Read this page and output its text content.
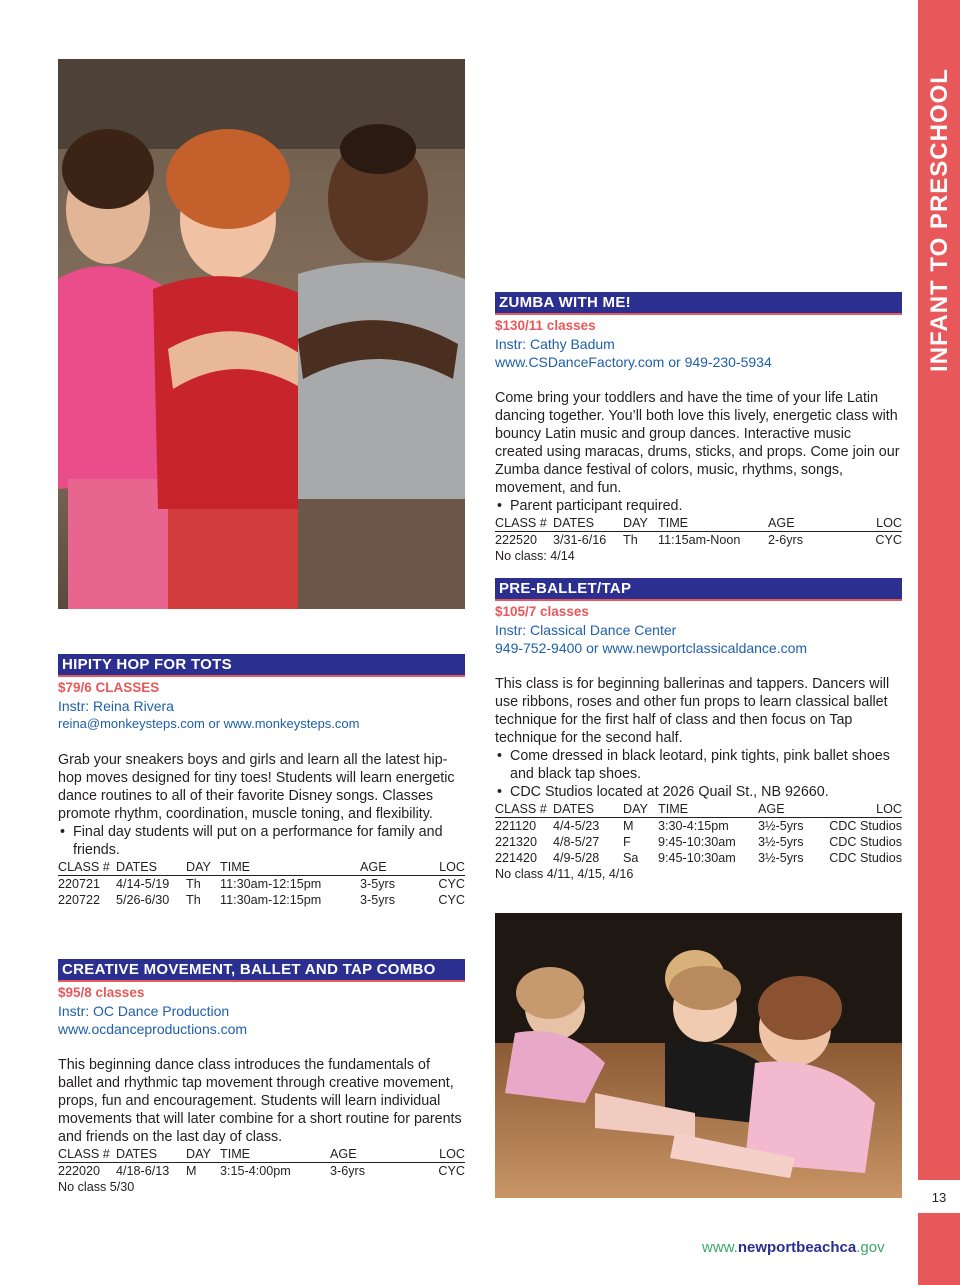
HIPITY HOP FOR TOTS
$79/6 CLASSES
Instr: Reina Rivera
reina@monkeysteps.com or www.monkeysteps.com
Grab your sneakers boys and girls and learn all the latest hip-hop moves designed for tiny toes! Students will learn energetic dance routines to all of their favorite Disney songs. Classes promote rhythm, coordination, muscle toning, and flexibility.
• Final day students will put on a performance for family and friends.
CLASS #	DATES	DAY	TIME	AGE	LOC
220721	4/14-5/19	Th	11:30am-12:15pm	3-5yrs	CYC
220722	5/26-6/30	Th	11:30am-12:15pm	3-5yrs	CYC
CREATIVE MOVEMENT, BALLET AND TAP COMBO
$95/8 classes
Instr: OC Dance Production
www.ocdanceproductions.com
This beginning dance class introduces the fundamentals of ballet and rhythmic tap movement through creative movement, props, fun and encouragement. Students will learn individual movements that will later combine for a short routine for parents and friends on the last day of class.
CLASS #	DATES	DAY	TIME	AGE	LOC
222020	4/18-6/13	M	3:15-4:00pm	3-6yrs	CYC
No class 5/30
ZUMBA WITH ME!
$130/11 classes
Instr: Cathy Badum
www.CSDanceFactory.com or 949-230-5934
Come bring your toddlers and have the time of your life Latin dancing together. You’ll both love this lively, energetic class with bouncy Latin music and group dances. Interactive music created using maracas, drums, sticks, and props. Come join our Zumba dance festival of colors, music, rhythms, songs, movement, and fun.
• Parent participant required.
CLASS #	DATES	DAY	TIME	AGE	LOC
222520	3/31-6/16	Th	11:15am-Noon	2-6yrs	CYC
No class: 4/14
PRE-BALLET/TAP
$105/7 classes
Instr: Classical Dance Center
949-752-9400 or www.newportclassicaldance.com
This class is for beginning ballerinas and tappers. Dancers will use ribbons, roses and other fun props to learn classical ballet technique for the first half of class and then focus on Tap technique for the second half.
• Come dressed in black leotard, pink tights, pink ballet shoes and black tap shoes.
• CDC Studios located at 2026 Quail St., NB 92660.
CLASS #	DATES	DAY	TIME	AGE	LOC
221120	4/4-5/23	M	3:30-4:15pm	3½-5yrs	CDC Studios
221320	4/8-5/27	F	9:45-10:30am	3½-5yrs	CDC Studios
221420	4/9-5/28	Sa	9:45-10:30am	3½-5yrs	CDC Studios
No class 4/11, 4/15, 4/16
INFANT TO PRESCHOOL
13
www.newportbeachca.gov
